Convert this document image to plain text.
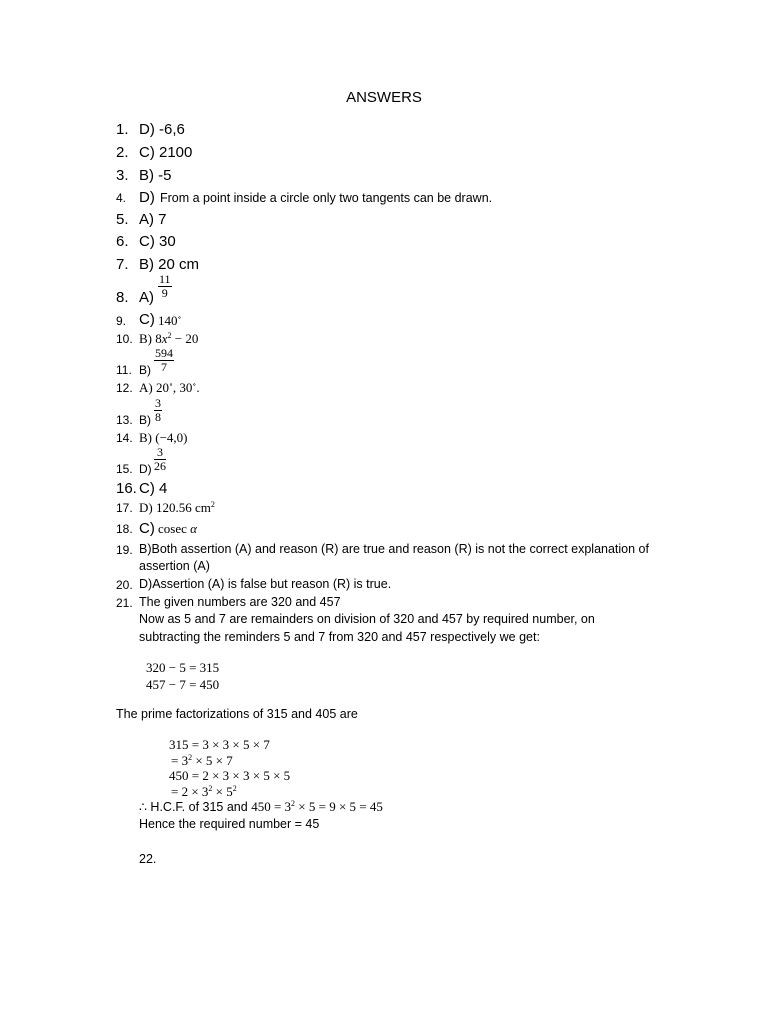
ANSWERS
1. D) -6,6
2. C) 2100
3. B) -5
4. D) From a point inside a circle only two tangents can be drawn.
5. A) 7
6. C) 30
7. B) 20 cm
8. $A) \frac{11}{9}$
9. C) 140∘
10. B) $8x^2 - 20$
11. $B) \frac{594}{7}$
12. A) 20∘, 30∘.
13. $B) \frac{3}{8}$
14. B) (−4,0)
15. $D) \frac{3}{26}$
16. C) 4
17. D) 120.56 $cm^2$
18. C) cosec α
19. B)Both assertion (A) and reason (R) are true and reason (R) is not the correct explanation of
assertion (A)
20. D)Assertion (A) is false but reason (R) is true.
21. The given numbers are 320 and 457
Now as 5 and 7 are remainders on division of 320 and 457 by required number, on
subtracting the reminders 5 and 7 from 320 and 457 respectively we get:
320 − 5 = 315
457 − 7 = 450
The prime factorizations of 315 and 405 are
315 = 3 × 3 × 5 × 7
= $3^2 \times 5 \times 7$
450 = 2 × 3 × 3 × 5 × 5
= $2 \times 3^2 \times 5^2$
∴ H.C.F. of 315 and $450 = 3^2 \times 5 = 9 \times 5 = 45$
Hence the required number = 45
22.
